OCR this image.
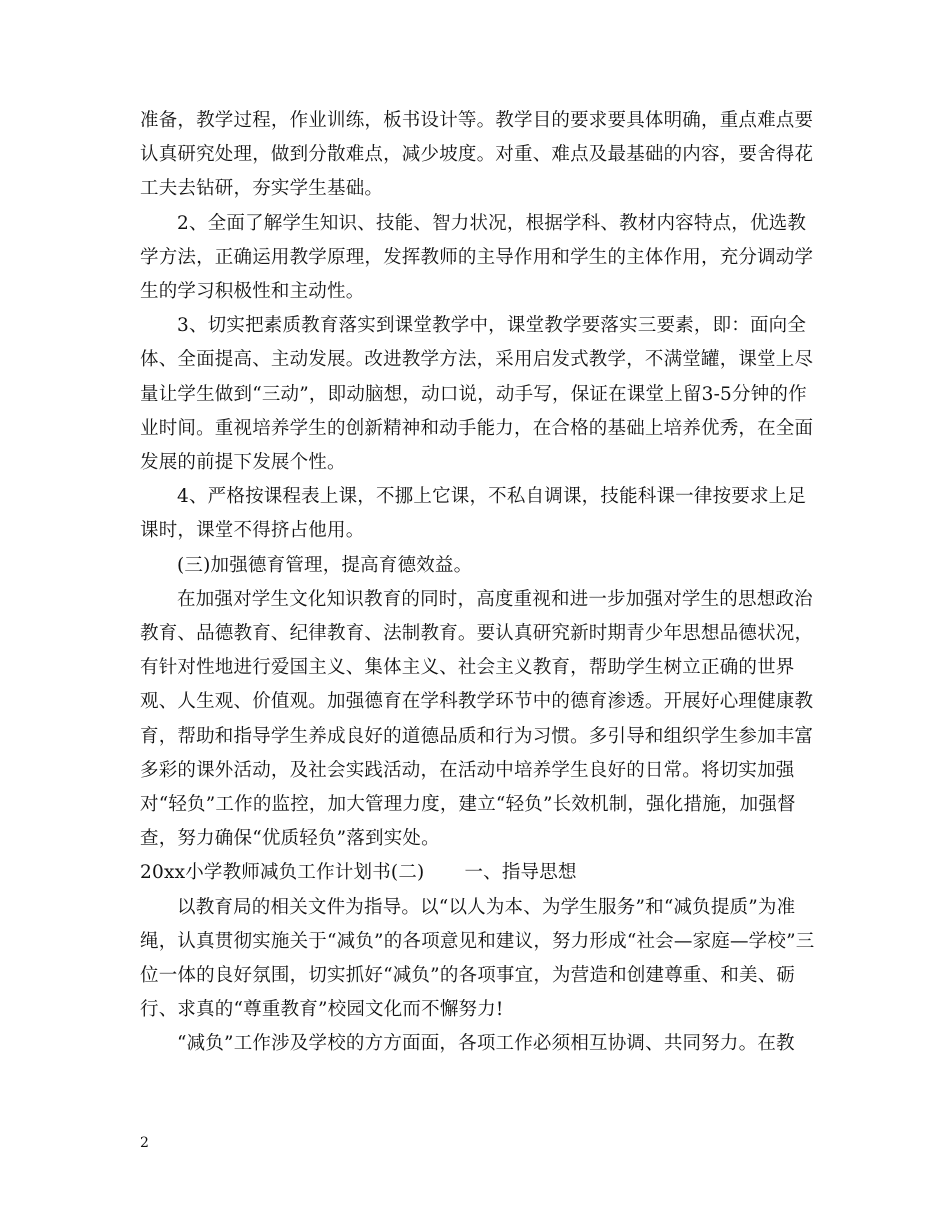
准备，教学过程，作业训练，板书设计等。教学目的要求要具体明确，重点难点要认真研究处理，做到分散难点，减少坡度。对重、难点及最基础的内容，要舍得花工夫去钻研，夯实学生基础。

2、全面了解学生知识、技能、智力状况，根据学科、教材内容特点，优选教学方法，正确运用教学原理，发挥教师的主导作用和学生的主体作用，充分调动学生的学习积极性和主动性。

3、切实把素质教育落实到课堂教学中，课堂教学要落实三要素，即：面向全体、全面提高、主动发展。改进教学方法，采用启发式教学，不满堂罐，课堂上尽量让学生做到“三动”，即动脑想，动口说，动手写，保证在课堂上留3-5分钟的作业时间。重视培养学生的创新精神和动手能力，在合格的基础上培养优秀，在全面发展的前提下发展个性。

4、严格按课程表上课，不挪上它课，不私自调课，技能科课一律按要求上足课时，课堂不得挤占他用。

(三)加强德育管理，提高育德效益。

在加强对学生文化知识教育的同时，高度重视和进一步加强对学生的思想政治教育、品德教育、纪律教育、法制教育。要认真研究新时期青少年思想品德状况，有针对性地进行爱国主义、集体主义、社会主义教育，帮助学生树立正确的世界观、人生观、价值观。加强德育在学科教学环节中的德育渗透。开展好心理健康教育，帮助和指导学生养成良好的道德品质和行为习惯。多引导和组织学生参加丰富多彩的课外活动，及社会实践活动，在活动中培养学生良好的日常。将切实加强对“轻负”工作的监控，加大管理力度，建立“轻负”长效机制，强化措施，加强督查，努力确保“优质轻负”落到实处。

20xx小学教师减负工作计划书(二) 一、指导思想

以教育局的相关文件为指导。以“以人为本、为学生服务”和“减负提质”为准绳，认真贯彻实施关于“减负”的各项意见和建议，努力形成“社会—家庭—学校”三位一体的良好氛围，切实抓好“减负”的各项事宜，为营造和创建尊重、和美、砺行、求真的“尊重教育”校园文化而不懈努力!

“减负”工作涉及学校的方方面面，各项工作必须相互协调、共同努力。在教

2
